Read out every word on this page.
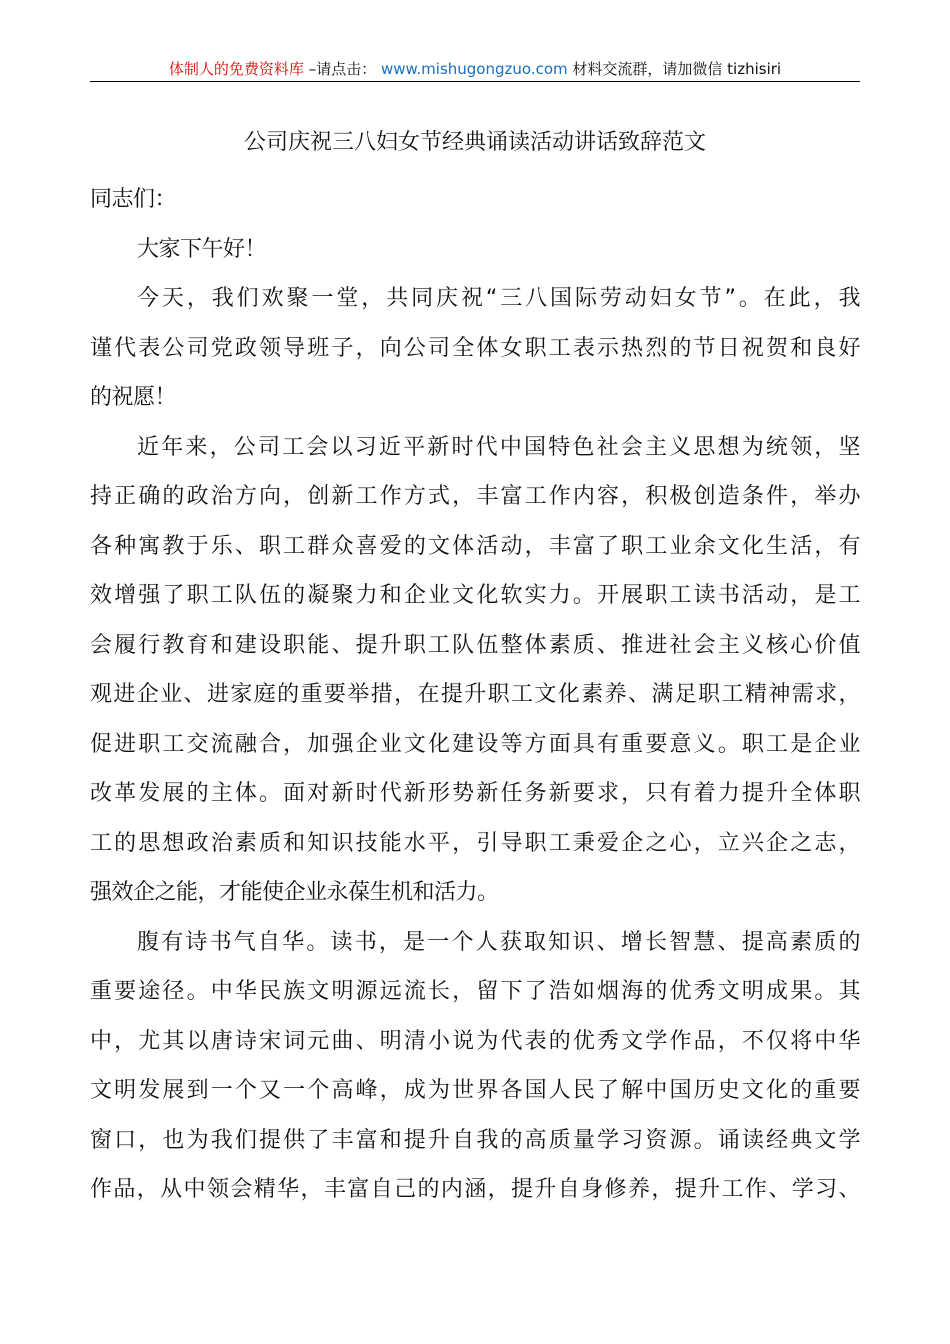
体制人的免费资料库 –请点击： www.mishugongzuo.com 材料交流群，请加微信 tizhisiri
公司庆祝三八妇女节经典诵读活动讲话致辞范文
同志们：
大家下午好！
今天，我们欢聚一堂，共同庆祝“三八国际劳动妇女节”。在此，我
谨代表公司党政领导班子，向公司全体女职工表示热烈的节日祝贺和良好
的祝愿！
近年来，公司工会以习近平新时代中国特色社会主义思想为统领，坚
持正确的政治方向，创新工作方式，丰富工作内容，积极创造条件，举办
各种寓教于乐、职工群众喜爱的文体活动，丰富了职工业余文化生活，有
效增强了职工队伍的凝聚力和企业文化软实力。开展职工读书活动，是工
会履行教育和建设职能、提升职工队伍整体素质、推进社会主义核心价值
观进企业、进家庭的重要举措，在提升职工文化素养、满足职工精神需求，
促进职工交流融合，加强企业文化建设等方面具有重要意义。职工是企业
改革发展的主体。面对新时代新形势新任务新要求，只有着力提升全体职
工的思想政治素质和知识技能水平，引导职工秉爱企之心，立兴企之志，
强效企之能，才能使企业永葆生机和活力。
腹有诗书气自华。读书，是一个人获取知识、增长智慧、提高素质的
重要途径。中华民族文明源远流长，留下了浩如烟海的优秀文明成果。其
中，尤其以唐诗宋词元曲、明清小说为代表的优秀文学作品，不仅将中华
文明发展到一个又一个高峰，成为世界各国人民了解中国历史文化的重要
窗口，也为我们提供了丰富和提升自我的高质量学习资源。诵读经典文学
作品，从中领会精华，丰富自己的内涵，提升自身修养，提升工作、学习、
